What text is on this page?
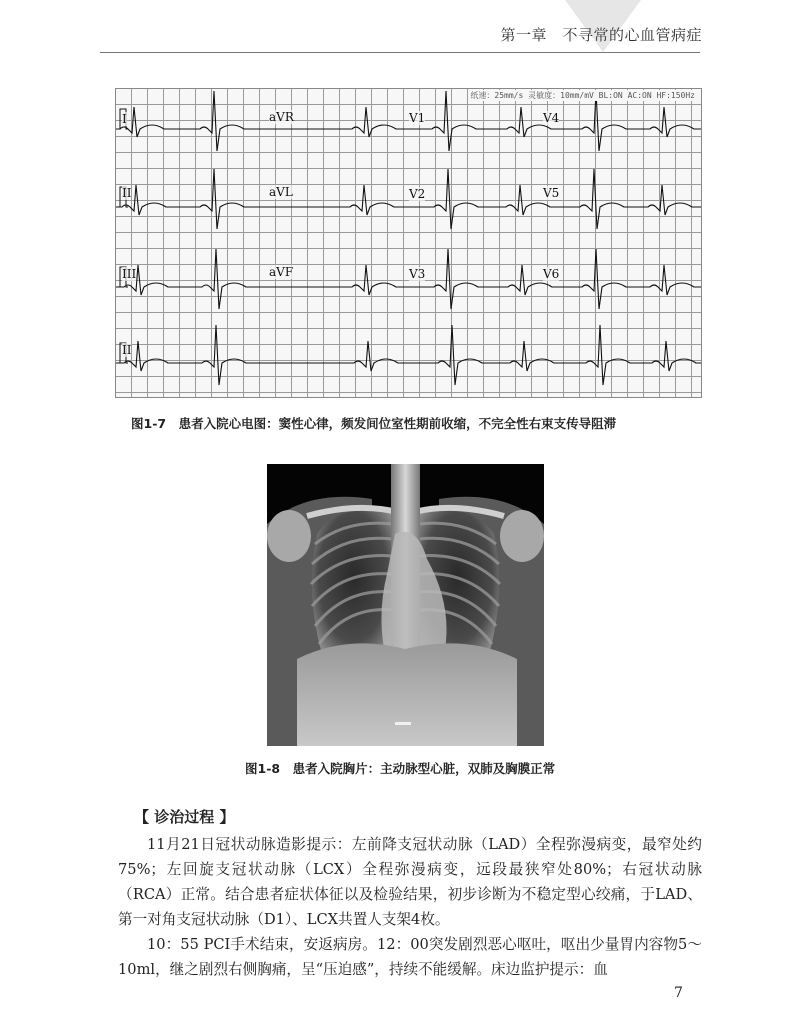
第一章　不寻常的心血管病症
纸速：25mm/s 灵敏度：10mm/mV BL:ON AC:ON HF:150Hz
I	aVR	V1	V4
II	aVL	V2	V5
III	aVF	V3	V6
II
图1-7　患者入院心电图：窦性心律，频发间位室性期前收缩，不完全性右束支传导阻滞
图1-8　患者入院胸片：主动脉型心脏，双肺及胸膜正常
【 诊治过程 】

11月21日冠状动脉造影提示：左前降支冠状动脉（LAD）全程弥漫病变，最窄处约75%；左回旋支冠状动脉（LCX）全程弥漫病变，远段最狭窄处80%；右冠状动脉（RCA）正常。结合患者症状体征以及检验结果，初步诊断为不稳定型心绞痛，于LAD、第一对角支冠状动脉（D1）、LCX共置人支架4枚。

10：55 PCI手术结束，安返病房。12：00突发剧烈恶心呕吐，呕出少量胃内容物5～10ml，继之剧烈右侧胸痛，呈“压迫感”，持续不能缓解。床边监护提示：血

7
